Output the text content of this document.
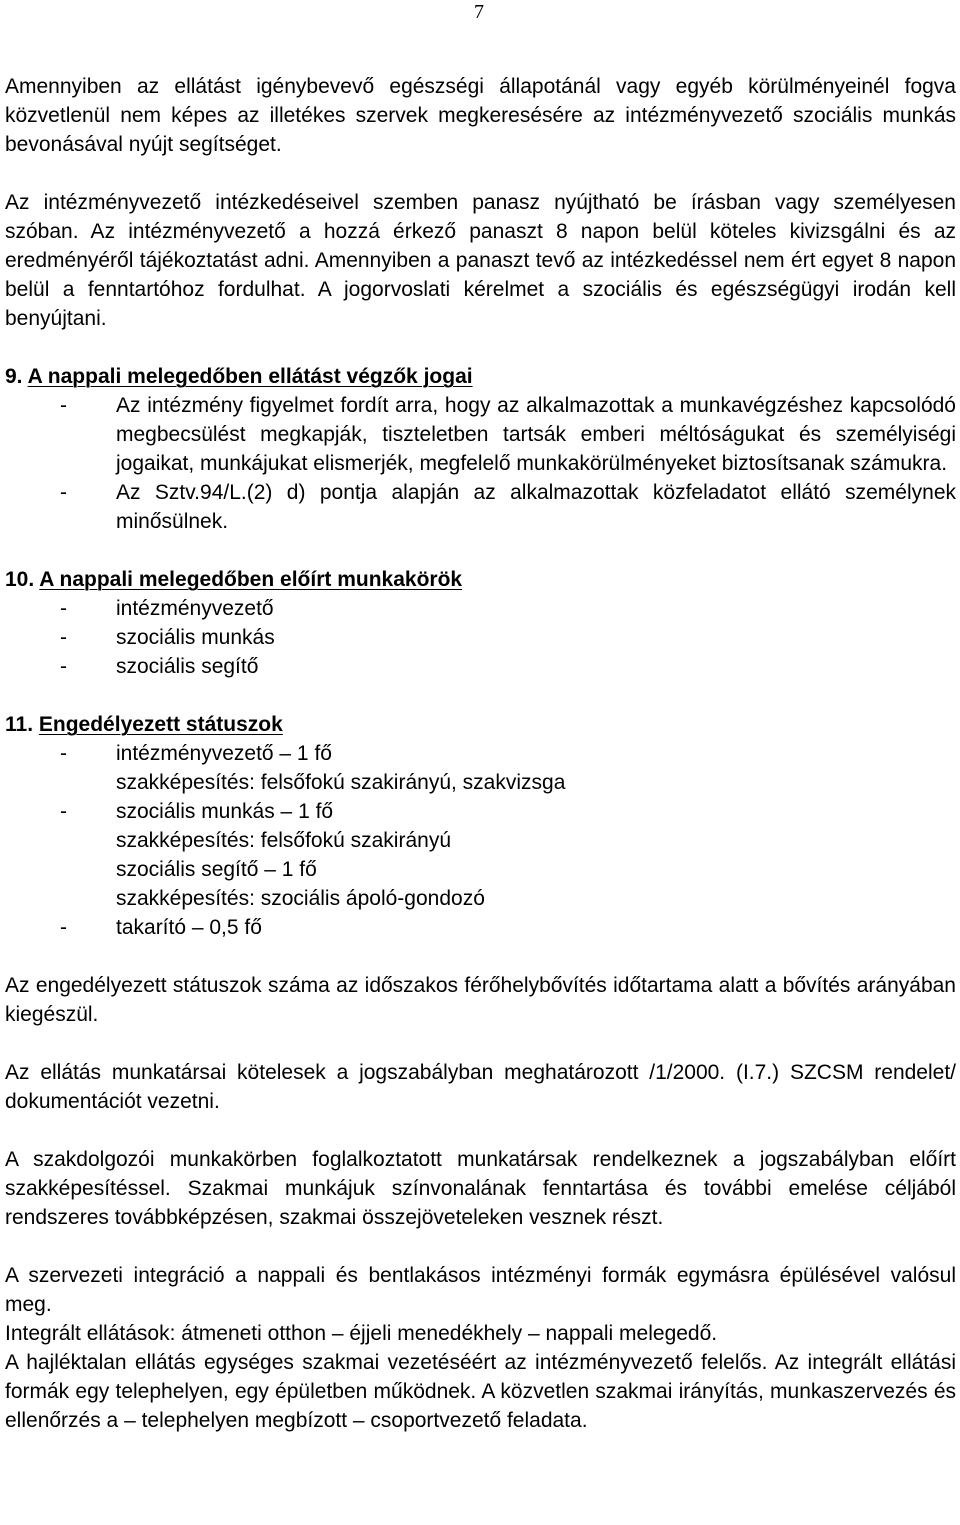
7

Amennyiben az ellátást igénybevevő egészségi állapotánál vagy egyéb körülményeinél fogva közvetlenül nem képes az illetékes szervek megkeresésére az intézményvezető szociális munkás bevonásával nyújt segítséget.

Az intézményvezető intézkedéseivel szemben panasz nyújtható be írásban vagy személyesen szóban. Az intézményvezető a hozzá érkező panaszt 8 napon belül köteles kivizsgálni és az eredményéről tájékoztatást adni. Amennyiben a panaszt tevő az intézkedéssel nem ért egyet 8 napon belül a fenntartóhoz fordulhat. A jogorvoslati kérelmet a szociális és egészségügyi irodán kell benyújtani.

9. A nappali melegedőben ellátást végzők jogai
- Az intézmény figyelmet fordít arra, hogy az alkalmazottak a munkavégzéshez kapcsolódó megbecsülést megkapják, tiszteletben tartsák emberi méltóságukat és személyiségi jogaikat, munkájukat elismerjék, megfelelő munkakörülményeket biztosítsanak számukra.
- Az Sztv.94/L.(2) d) pontja alapján az alkalmazottak közfeladatot ellátó személynek minősülnek.
10. A nappali melegedőben előírt munkakörök
- intézményvezető
- szociális munkás
- szociális segítő
11. Engedélyezett státuszok
- intézményvezető – 1 fő
szakképesítés: felsőfokú szakirányú, szakvizsga
- szociális munkás – 1 fő
szakképesítés: felsőfokú szakirányú
szociális segítő – 1 fő
szakképesítés: szociális ápoló-gondozó
- takarító – 0,5 fő

Az engedélyezett státuszok száma az időszakos férőhelybővítés időtartama alatt a bővítés arányában kiegészül.

Az ellátás munkatársai kötelesek a jogszabályban meghatározott /1/2000. (I.7.) SZCSM rendelet/ dokumentációt vezetni.

A szakdolgozói munkakörben foglalkoztatott munkatársak rendelkeznek a jogszabályban előírt szakképesítéssel. Szakmai munkájuk színvonalának fenntartása és további emelése céljából rendszeres továbbképzésen, szakmai összejöveteleken vesznek részt.

A szervezeti integráció a nappali és bentlakásos intézményi formák egymásra épülésével valósul meg.

Integrált ellátások: átmeneti otthon – éjjeli menedékhely – nappali melegedő.

A hajléktalan ellátás egységes szakmai vezetéséért az intézményvezető felelős. Az integrált ellátási formák egy telephelyen, egy épületben működnek. A közvetlen szakmai irányítás, munkaszervezés és ellenőrzés a – telephelyen megbízott – csoportvezető feladata.
